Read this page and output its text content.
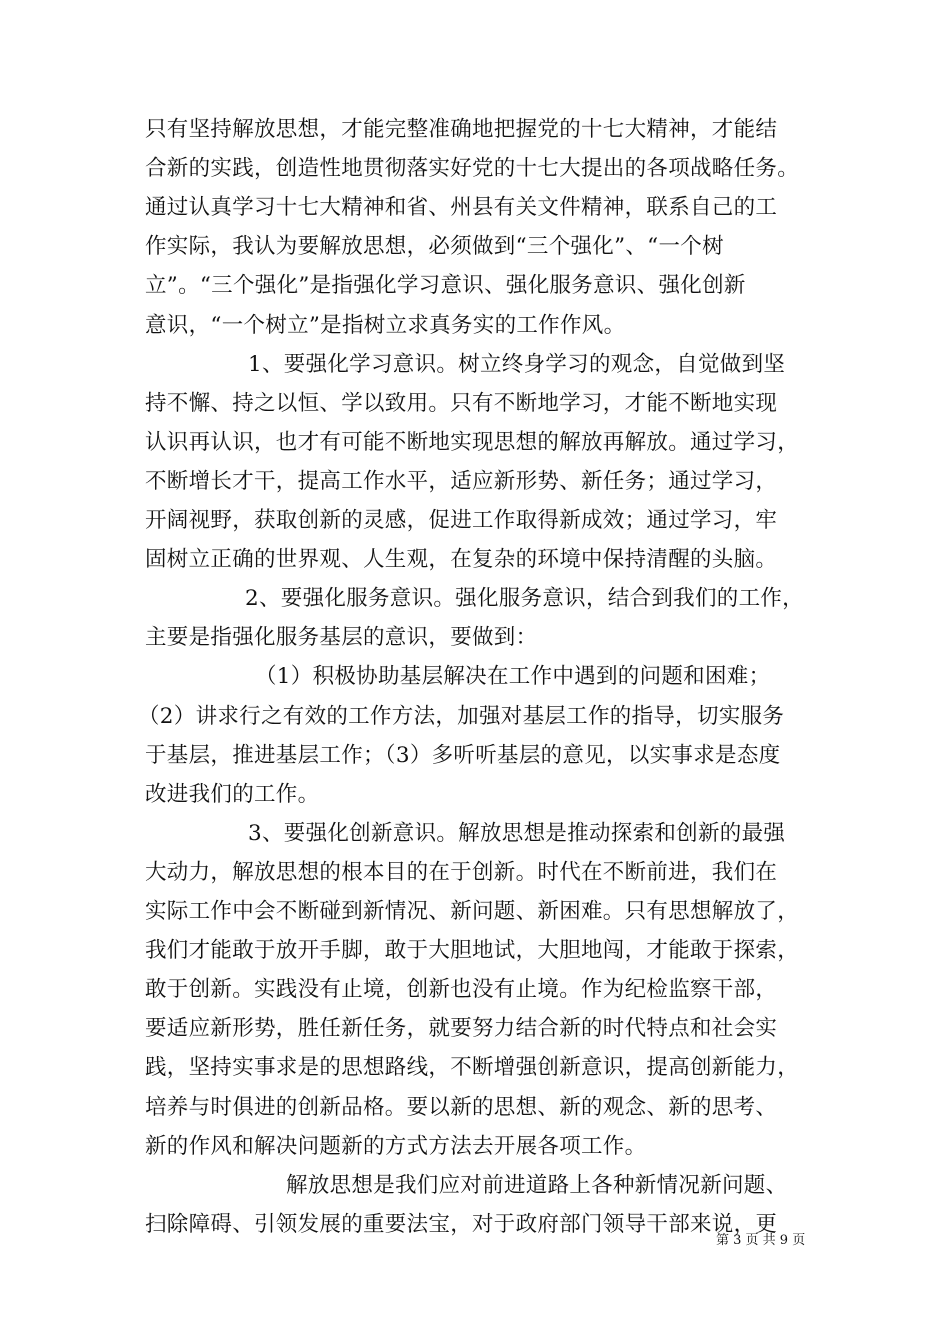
只有坚持解放思想，才能完整准确地把握党的十七大精神，才能结
合新的实践，创造性地贯彻落实好党的十七大提出的各项战略任务。
通过认真学习十七大精神和省、州县有关文件精神，联系自己的工
作实际，我认为要解放思想，必须做到“三个强化”、“一个树
立”。“三个强化”是指强化学习意识、强化服务意识、强化创新
意识，“一个树立”是指树立求真务实的工作作风。
1、要强化学习意识。树立终身学习的观念，自觉做到坚
持不懈、持之以恒、学以致用。只有不断地学习，才能不断地实现
认识再认识，也才有可能不断地实现思想的解放再解放。通过学习，
不断增长才干，提高工作水平，适应新形势、新任务；通过学习，
开阔视野，获取创新的灵感，促进工作取得新成效；通过学习，牢
固树立正确的世界观、人生观，在复杂的环境中保持清醒的头脑。
2、要强化服务意识。强化服务意识，结合到我们的工作，
主要是指强化服务基层的意识，要做到：
（1）积极协助基层解决在工作中遇到的问题和困难；
（2）讲求行之有效的工作方法，加强对基层工作的指导，切实服务
于基层，推进基层工作；（3）多听听基层的意见，以实事求是态度
改进我们的工作。
3、要强化创新意识。解放思想是推动探索和创新的最强
大动力，解放思想的根本目的在于创新。时代在不断前进，我们在
实际工作中会不断碰到新情况、新问题、新困难。只有思想解放了，
我们才能敢于放开手脚，敢于大胆地试，大胆地闯，才能敢于探索，
敢于创新。实践没有止境，创新也没有止境。作为纪检监察干部，
要适应新形势，胜任新任务，就要努力结合新的时代特点和社会实
践，坚持实事求是的思想路线，不断增强创新意识，提高创新能力，
培养与时俱进的创新品格。要以新的思想、新的观念、新的思考、
新的作风和解决问题新的方式方法去开展各项工作。
解放思想是我们应对前进道路上各种新情况新问题、
扫除障碍、引领发展的重要法宝，对于政府部门领导干部来说，更
第 3 页 共 9 页
